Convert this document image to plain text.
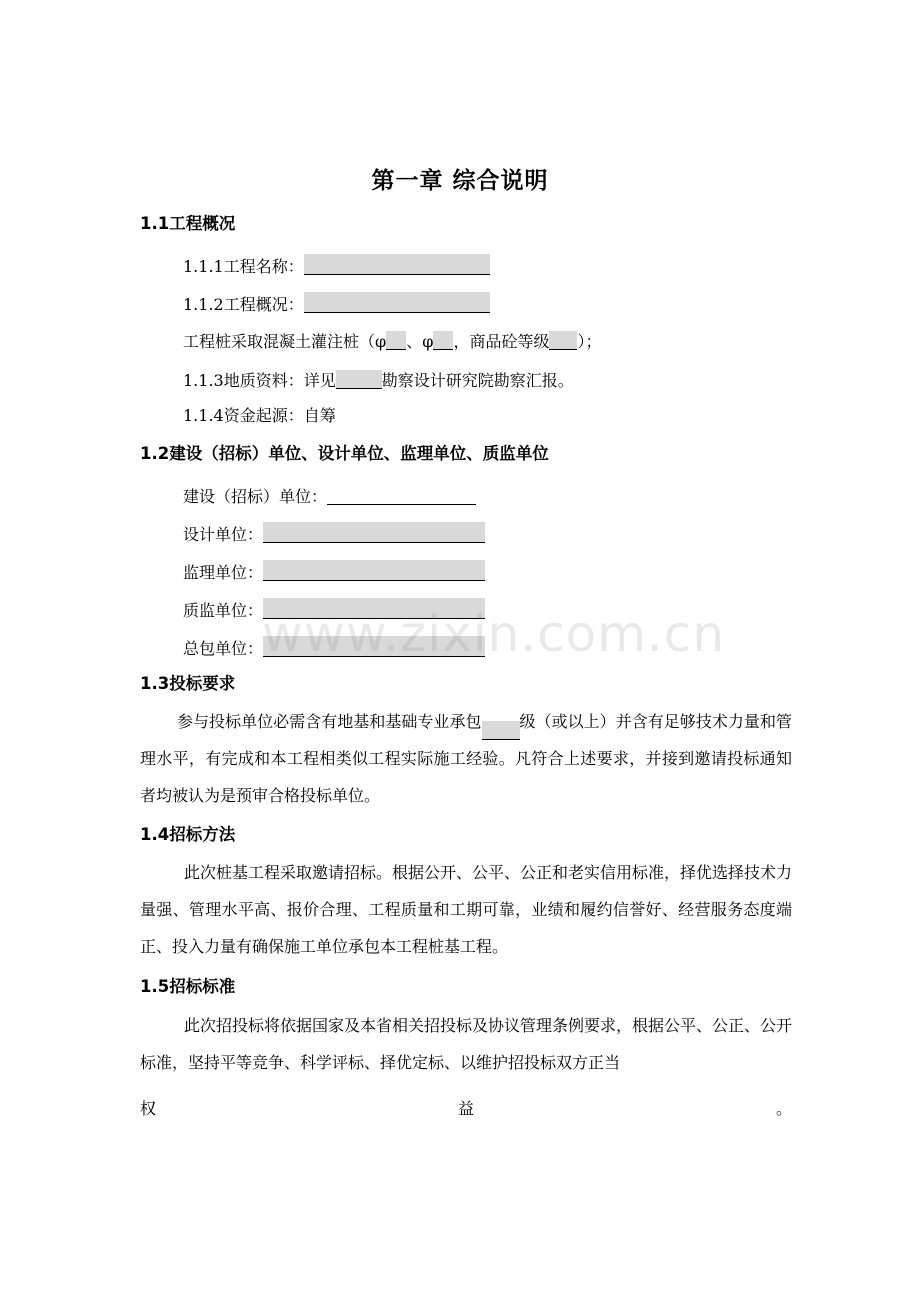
第一章 综合说明
1.1工程概况
1.1.1工程名称：
1.1.2工程概况：
工程桩采取混凝土灌注桩（φ 、φ ，商品砼等级 ）；
1.1.3地质资料：详见	勘察设计研究院勘察汇报。
1.1.4资金起源：自筹
1.2建设（招标）单位、设计单位、监理单位、质监单位
建设（招标）单位：
设计单位：
监理单位：
质监单位：
总包单位：
1.3投标要求

参与投标单位必需含有地基和基础专业承包 级（或以上）并含有足够技术力量和管理水平，有完成和本工程相类似工程实际施工经验。凡符合上述要求，并接到邀请投标通知者均被认为是预审合格投标单位。

1.4招标方法

此次桩基工程采取邀请招标。根据公开、公平、公正和老实信用标准，择优选择技术力量强、管理水平高、报价合理、工程质量和工期可靠，业绩和履约信誉好、经营服务态度端正、投入力量有确保施工单位承包本工程桩基工程。

1.5招标标准

此次招投标将依据国家及本省相关招投标及协议管理条例要求，根据公平、公正、公开标准，坚持平等竞争、科学评标、择优定标、以维护招投标双方正当

权	益	。
www.zixin.com.cn
